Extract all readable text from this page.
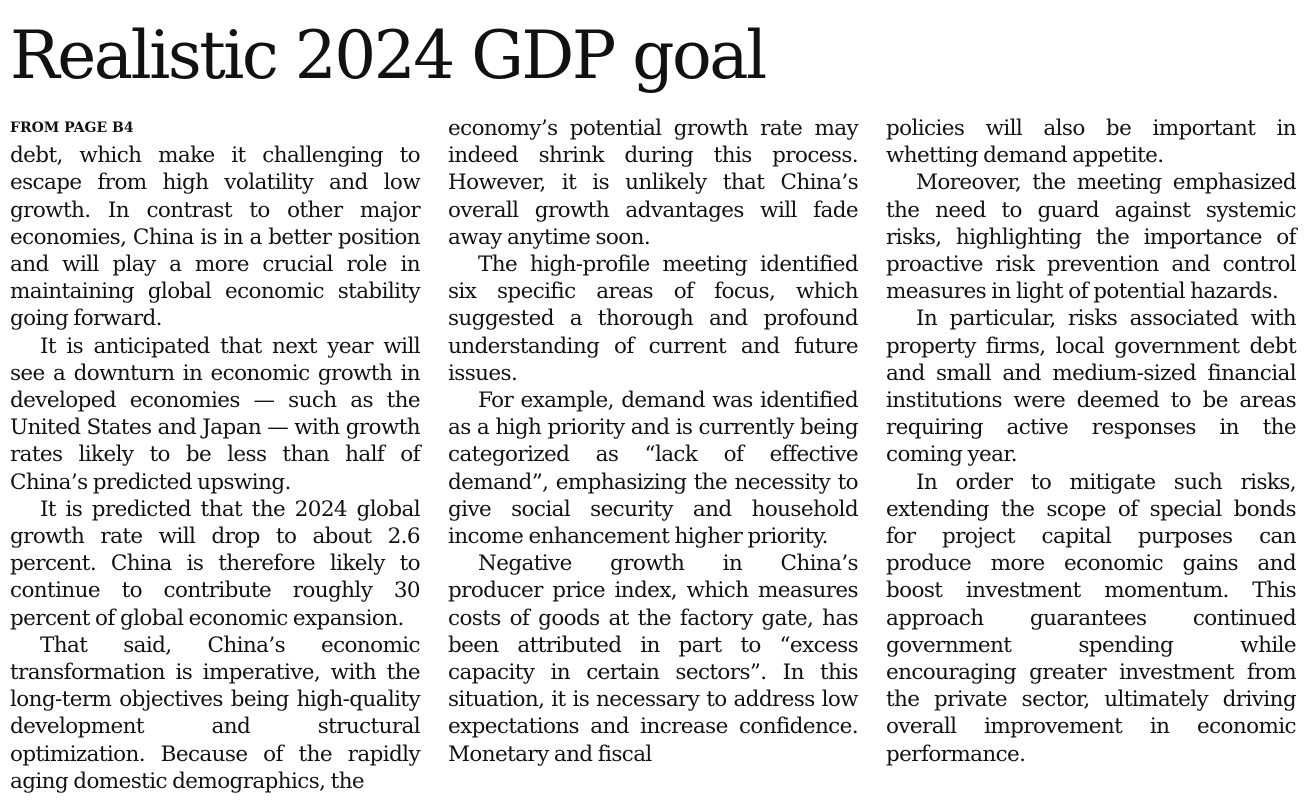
Realistic 2024 GDP goal
FROM PAGE B4

debt, which make it challenging to escape from high volatility and low growth. In contrast to other major economies, China is in a better position and will play a more crucial role in maintaining global economic stability going forward.

It is anticipated that next year will see a downturn in economic growth in developed economies — such as the United States and Japan — with growth rates likely to be less than half of China’s predicted upswing.

It is predicted that the 2024 global growth rate will drop to about 2.6 percent. China is therefore likely to continue to contribute roughly 30 percent of global economic expansion.

That said, China’s economic transformation is imperative, with the long-term objectives being high-quality development and structural optimization. Because of the rapidly aging domestic demographics, the

economy’s potential growth rate may indeed shrink during this process. However, it is unlikely that China’s overall growth advantages will fade away anytime soon.

The high-profile meeting identified six specific areas of focus, which suggested a thorough and profound understanding of current and future issues.

For example, demand was identified as a high priority and is currently being categorized as “lack of effective demand”, emphasizing the necessity to give social security and household income enhancement higher priority.

Negative growth in China’s producer price index, which measures costs of goods at the factory gate, has been attributed in part to “excess capacity in certain sectors”. In this situation, it is necessary to address low expectations and increase confidence. Monetary and fiscal

policies will also be important in whetting demand appetite.

Moreover, the meeting emphasized the need to guard against systemic risks, highlighting the importance of proactive risk prevention and control measures in light of potential hazards.

In particular, risks associated with property firms, local government debt and small and medium-sized financial institutions were deemed to be areas requiring active responses in the coming year.

In order to mitigate such risks, extending the scope of special bonds for project capital purposes can produce more economic gains and boost investment momentum. This approach guarantees continued government spending while encouraging greater investment from the private sector, ultimately driving overall improvement in economic performance.
